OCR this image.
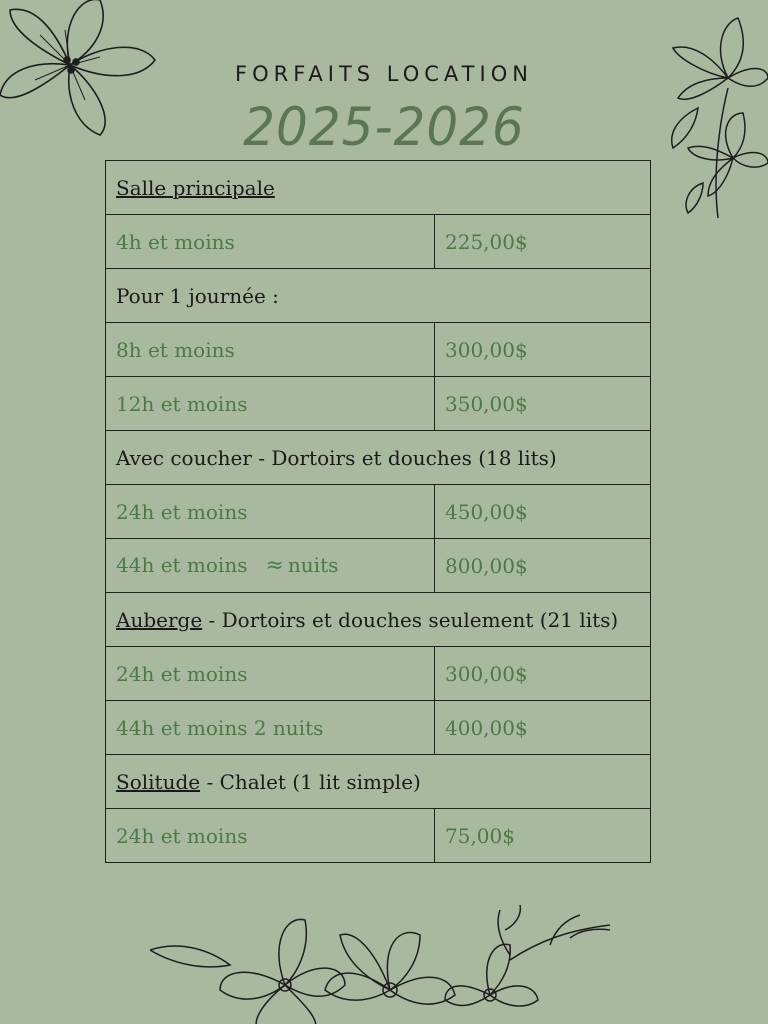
FORFAITS LOCATION
2025-2026
Salle principale	
4h et moins	225,00$
Pour 1 journée :	
8h et moins	300,00$
12h et moins	350,00$
Avec coucher - Dortoirs et douches (18 lits)	
24h et moins	450,00$
44h et moins ≈ nuits	800,00$
Auberge - Dortoirs et douches seulement (21 lits)	
24h et moins	300,00$
44h et moins 2 nuits	400,00$
Solitude - Chalet (1 lit simple)	
24h et moins	75,00$
